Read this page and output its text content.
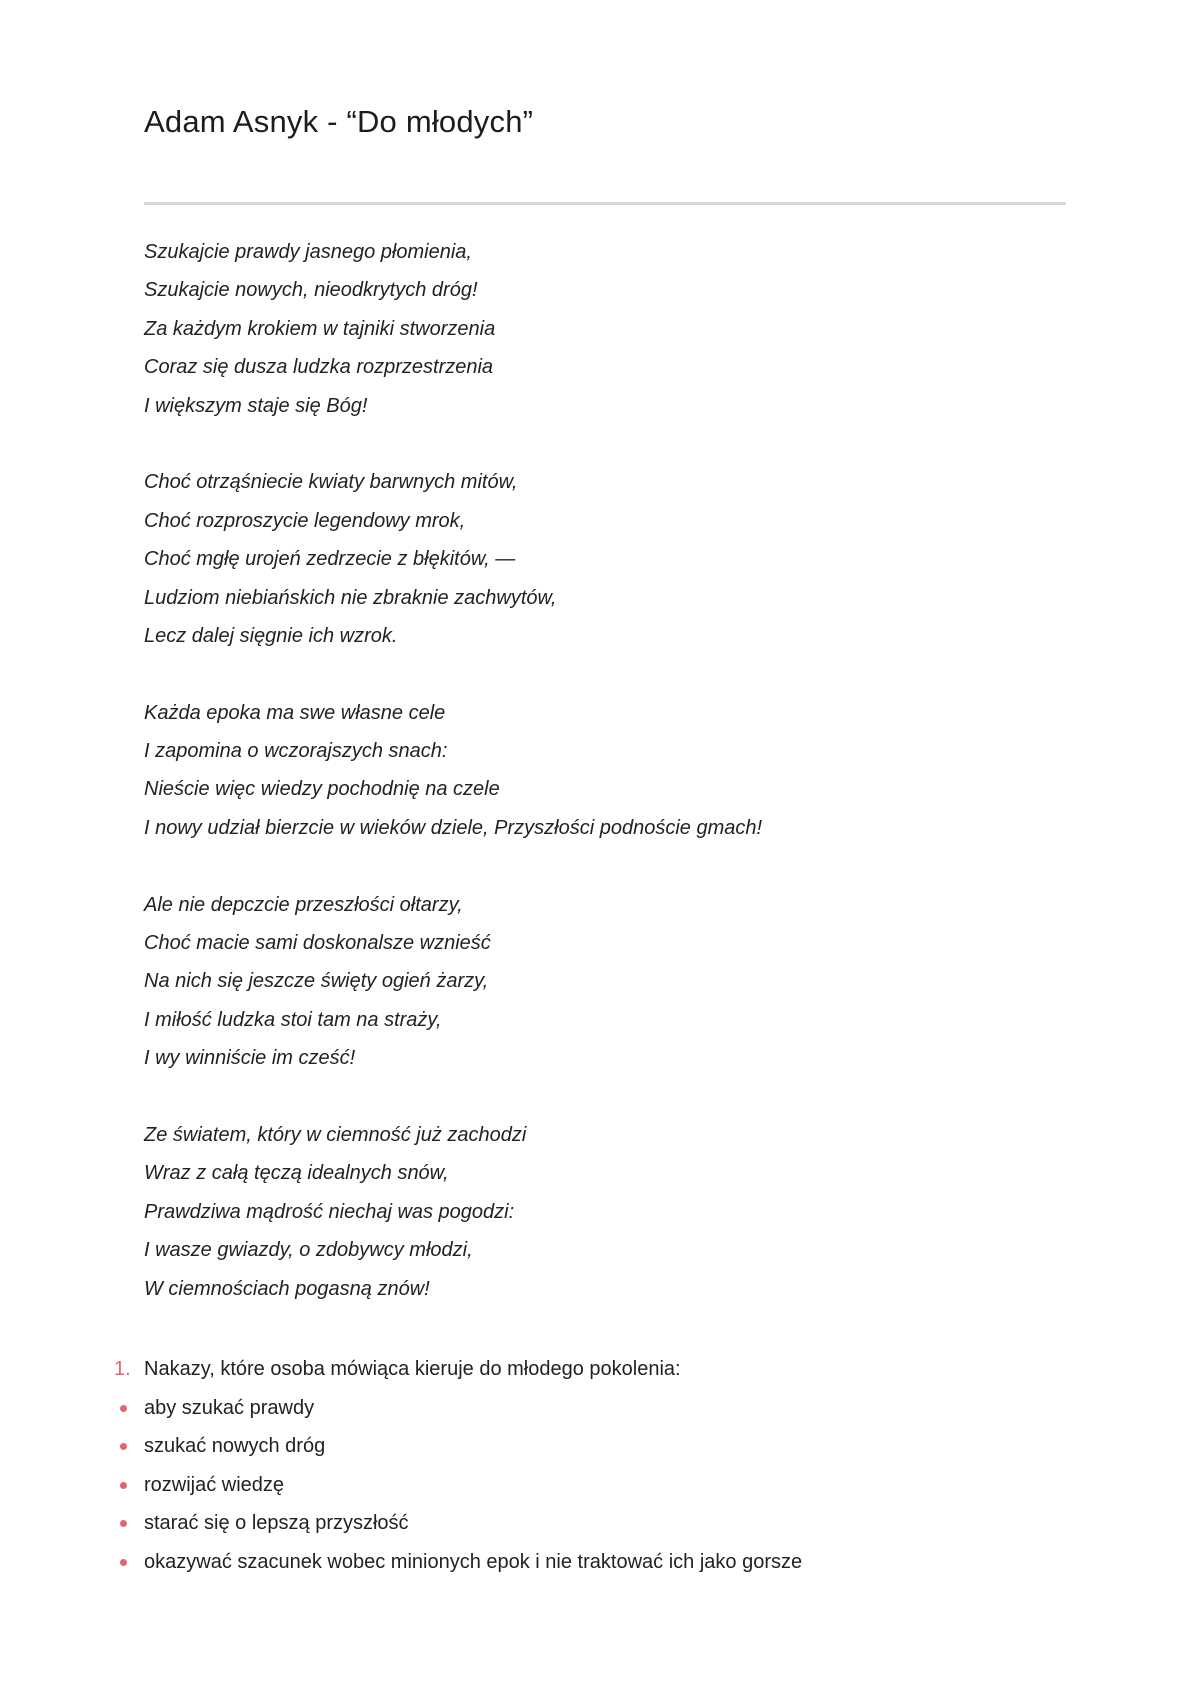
Adam Asnyk - “Do młodych”
Szukajcie prawdy jasnego płomienia,
Szukajcie nowych, nieodkrytych dróg!
Za każdym krokiem w tajniki stworzenia
Coraz się dusza ludzka rozprzestrzenia
I większym staje się Bóg!
Choć otrząśniecie kwiaty barwnych mitów,
Choć rozproszycie legendowy mrok,
Choć mgłę urojeń zedrzecie z błękitów, —
Ludziom niebiańskich nie zbraknie zachwytów,
Lecz dalej sięgnie ich wzrok.
Każda epoka ma swe własne cele
I zapomina o wczorajszych snach:
Nieście więc wiedzy pochodnię na czele
I nowy udział bierzcie w wieków dziele, Przyszłości podnoście gmach!
Ale nie depczcie przeszłości ołtarzy,
Choć macie sami doskonalsze wznieść
Na nich się jeszcze święty ogień żarzy,
I miłość ludzka stoi tam na straży,
I wy winniście im cześć!
Ze światem, który w ciemność już zachodzi
Wraz z całą tęczą idealnych snów,
Prawdziwa mądrość niechaj was pogodzi:
I wasze gwiazdy, o zdobywcy młodzi,
W ciemnościach pogasną znów!
1. Nakazy, które osoba mówiąca kieruje do młodego pokolenia:
aby szukać prawdy
szukać nowych dróg
rozwijać wiedzę
starać się o lepszą przyszłość
okazywać szacunek wobec minionych epok i nie traktować ich jako gorsze
